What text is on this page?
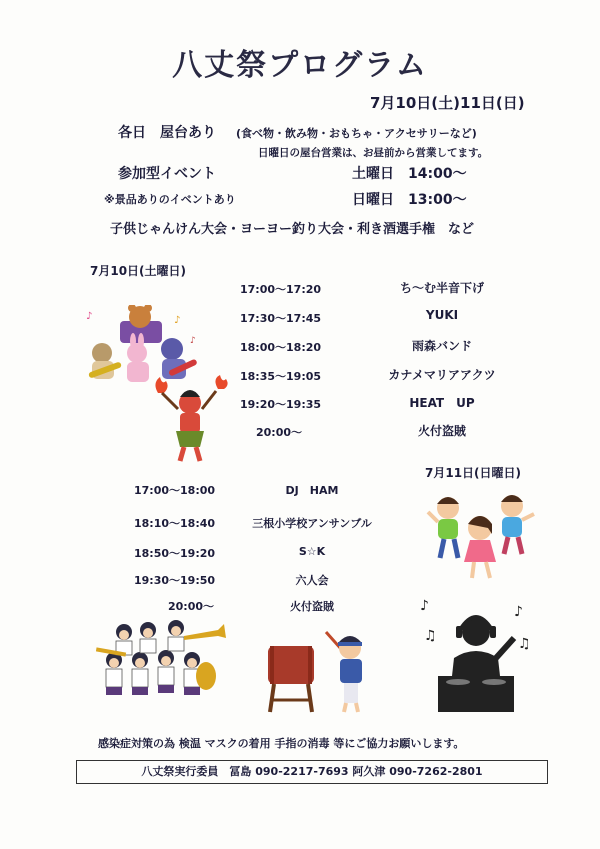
八丈祭プログラム
7月10日(土)11日(日)
各日　屋台あり (食べ物・飲み物・おもちゃ・アクセサリーなど)
日曜日の屋台営業は、お昼前から営業してます。
参加型イベント	土曜日　14:00～
※景品ありのイベントあり	日曜日　13:00～
子供じゃんけん大会・ヨーヨー釣り大会・利き酒選手権　など
7月10日(土曜日)
17:00～17:20	ち～む半音下げ
17:30～17:45	YUKI
18:00～18:20	雨森バンド
18:35～19:05	カナメマリアアクツ
19:20～19:35	HEAT　UP
20:00～	火付盗賊
7月11日(日曜日)
17:00～18:00	DJ　HAM
18:10～18:40	三根小学校アンサンブル
18:50～19:20	S☆K
19:30～19:50	六人会
20:00～	火付盗賊
♪	♪
♪
♪
♫
♪
♫
感染症対策の為 検温 マスクの着用 手指の消毒 等にご協力お願いします。
八丈祭実行委員　冨島 090-2217-7693 阿久津 090-7262-2801
